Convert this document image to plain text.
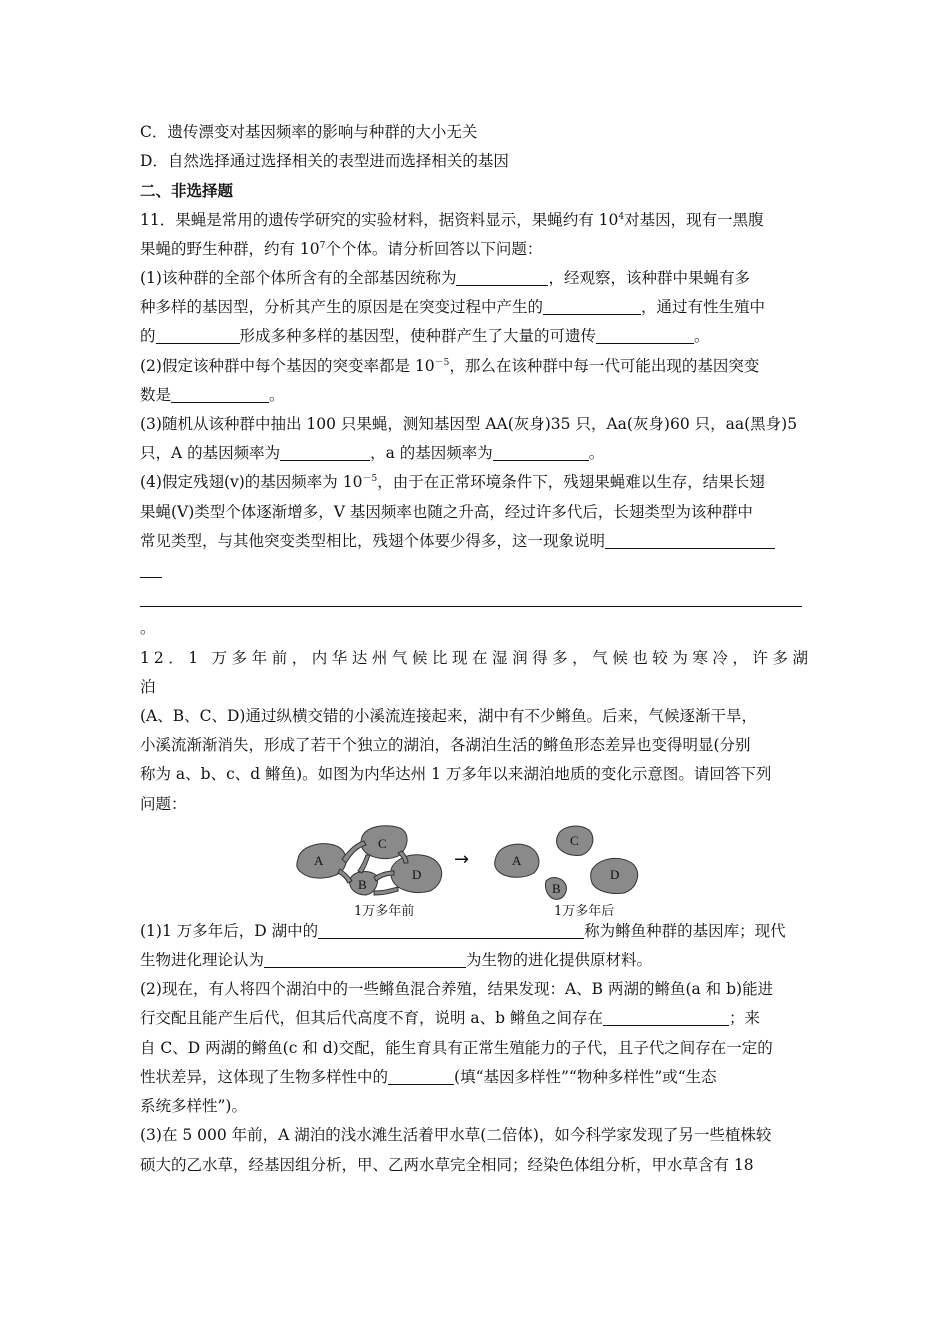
C．遗传漂变对基因频率的影响与种群的大小无关
D．自然选择通过选择相关的表型进而选择相关的基因
二、非选择题
11．果蝇是常用的遗传学研究的实验材料，据资料显示，果蝇约有 $10^4$对基因，现有一黑腹
果蝇的野生种群，约有 $10^7$个个体。请分析回答以下问题：
(1)该种群的全部个体所含有的全部基因统称为	，经观察，该种群中果蝇有多
种多样的基因型，分析其产生的原因是在突变过程中产生的	，通过有性生殖中
的	形成多种多样的基因型，使种群产生了大量的可遗传	。
(2)假定该种群中每个基因的突变率都是 $10^{-5}$，那么在该种群中每一代可能出现的基因突变
数是	。
(3)随机从该种群中抽出 100 只果蝇，测知基因型 AA(灰身)35 只，Aa(灰身)60 只，aa(黑身)5
只，A 的基因频率为	，a 的基因频率为	。
(4)假定残翅(v)的基因频率为 $10^{-5}$，由于在正常环境条件下，残翅果蝇难以生存，结果长翅
果蝇(V)类型个体逐渐增多，V 基因频率也随之升高，经过许多代后，长翅类型为该种群中
常见类型，与其他突变类型相比，残翅个体要少得多，这一现象说明
。
12．1 万多年前，内华达州气候比现在湿润得多，气候也较为寒冷，许多湖泊
(A、B、C、D)通过纵横交错的小溪流连接起来，湖中有不少鳉鱼。后来，气候逐渐干旱，
小溪流渐渐消失，形成了若干个独立的湖泊，各湖泊生活的鳉鱼形态差异也变得明显(分别
称为 a、b、c、d 鳉鱼)。如图为内华达州 1 万多年以来湖泊地质的变化示意图。请回答下列
问题：
A
C
B
D
A
C
B
D
→
1万多年前	1万多年后
(1)1 万多年后，D 湖中的	称为鳉鱼种群的基因库；现代
生物进化理论认为	为生物的进化提供原材料。
(2)现在，有人将四个湖泊中的一些鳉鱼混合养殖，结果发现：A、B 两湖的鳉鱼(a 和 b)能进
行交配且能产生后代，但其后代高度不育，说明 a、b 鳉鱼之间存在	；来
自 C、D 两湖的鳉鱼(c 和 d)交配，能生育具有正常生殖能力的子代，且子代之间存在一定的
性状差异，这体现了生物多样性中的	(填“基因多样性”“物种多样性”或“生态
系统多样性”)。
(3)在 5 000 年前，A 湖泊的浅水滩生活着甲水草(二倍体)，如今科学家发现了另一些植株较
硕大的乙水草，经基因组分析，甲、乙两水草完全相同；经染色体组分析，甲水草含有 18
